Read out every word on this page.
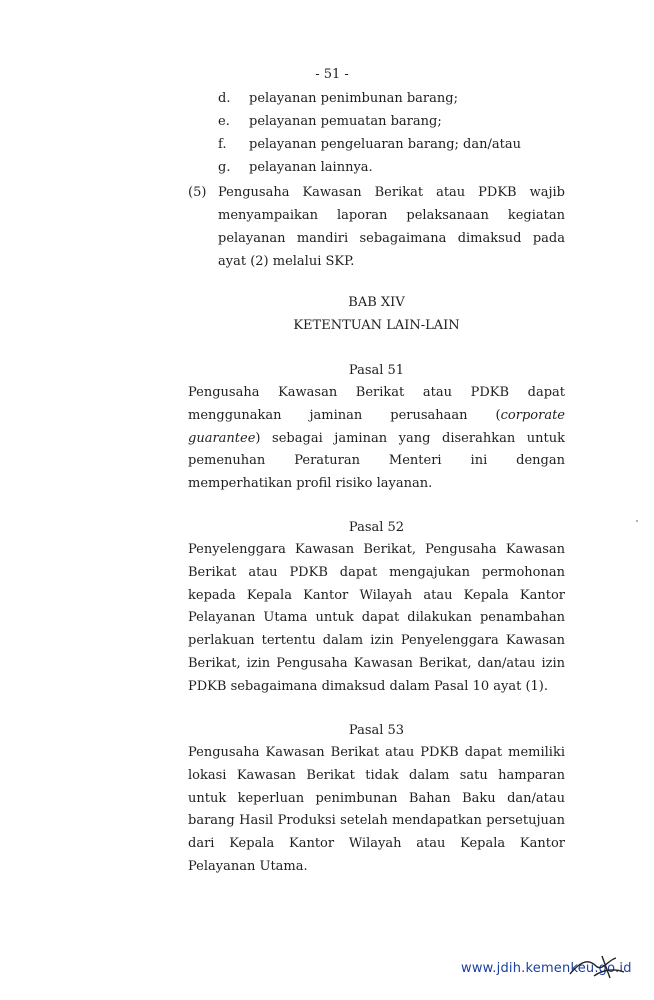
- 51 -
d. pelayanan penimbunan barang;
e. pelayanan pemuatan barang;
f. pelayanan pengeluaran barang; dan/atau
g. pelayanan lainnya.
(5) Pengusaha Kawasan Berikat atau PDKB wajib menyampaikan laporan pelaksanaan kegiatan pelayanan mandiri sebagaimana dimaksud pada ayat (2) melalui SKP.
BAB XIV
KETENTUAN LAIN-LAIN
Pasal 51
Pengusaha Kawasan Berikat atau PDKB dapat menggunakan jaminan perusahaan (corporate guarantee) sebagai jaminan yang diserahkan untuk pemenuhan Peraturan Menteri ini dengan memperhatikan profil risiko layanan.
Pasal 52
Penyelenggara Kawasan Berikat, Pengusaha Kawasan Berikat atau PDKB dapat mengajukan permohonan kepada Kepala Kantor Wilayah atau Kepala Kantor Pelayanan Utama untuk dapat dilakukan penambahan perlakuan tertentu dalam izin Penyelenggara Kawasan Berikat, izin Pengusaha Kawasan Berikat, dan/atau izin PDKB sebagaimana dimaksud dalam Pasal 10 ayat (1).
Pasal 53
Pengusaha Kawasan Berikat atau PDKB dapat memiliki lokasi Kawasan Berikat tidak dalam satu hamparan untuk keperluan penimbunan Bahan Baku dan/atau barang Hasil Produksi setelah mendapatkan persetujuan dari Kepala Kantor Wilayah atau Kepala Kantor Pelayanan Utama.
www.jdih.kemenkeu.go.id
